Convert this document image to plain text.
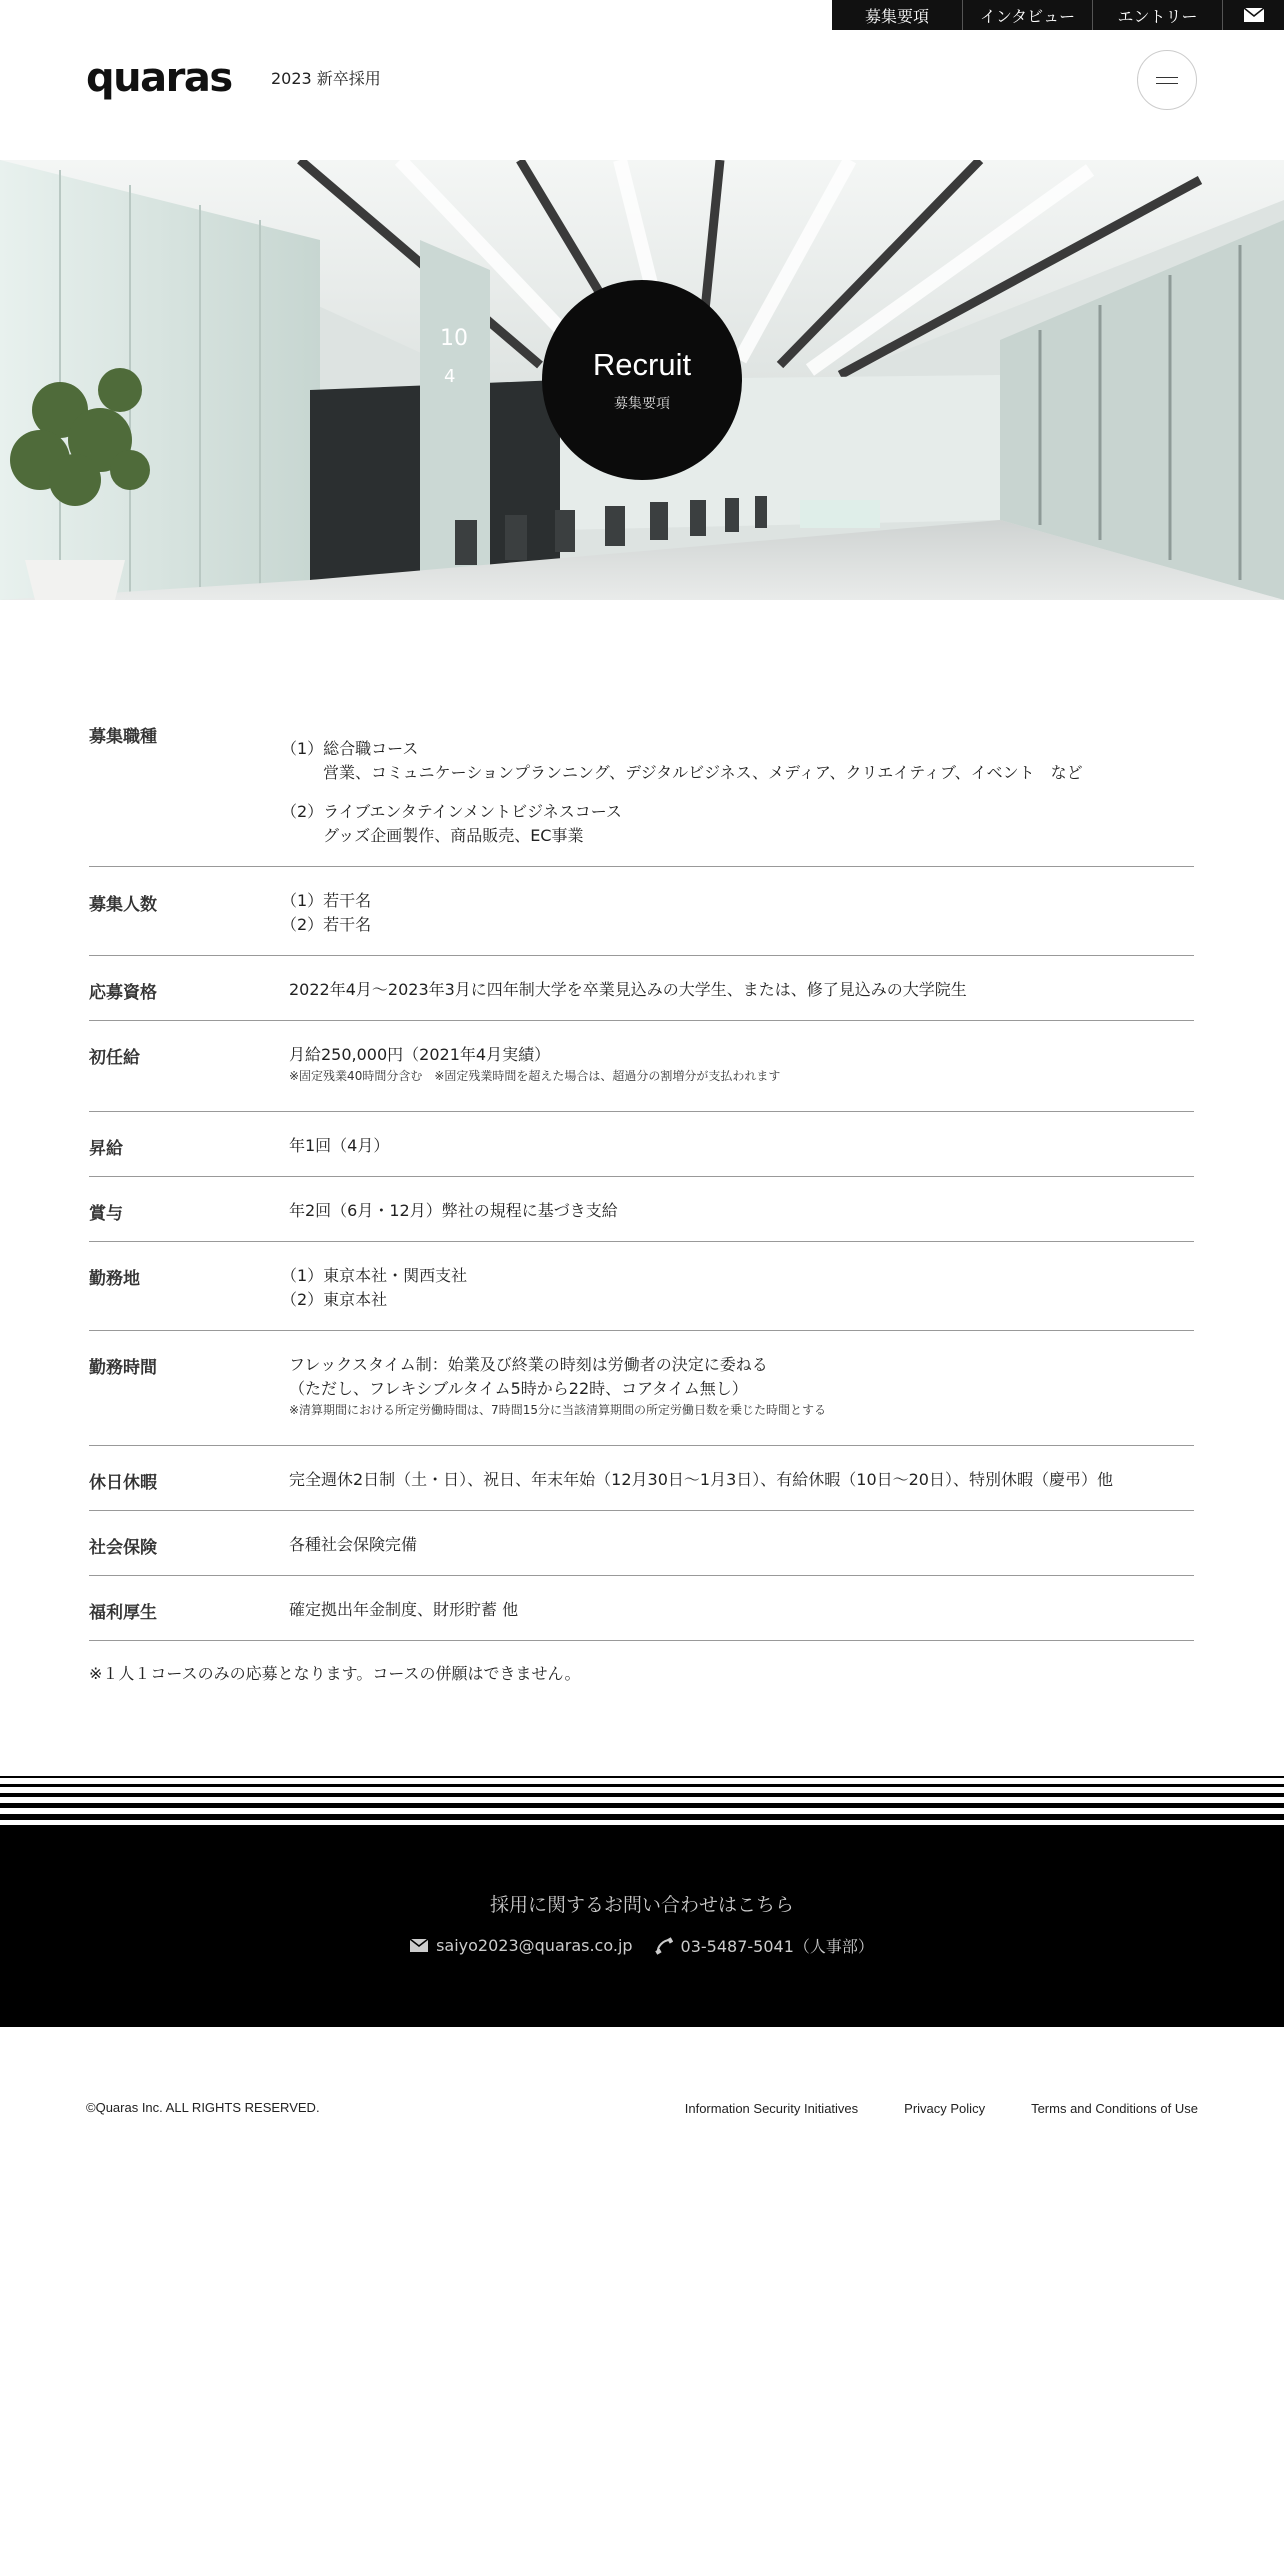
募集要項	インタビュー	エントリー
quaras 2023 新卒採用
10
4	Recruit
募集要項
募集職種
（1）総合職コース
営業、コミュニケーションプランニング、デジタルビジネス、メディア、クリエイティブ、イベント　など
（2）ライブエンタテインメントビジネスコース
グッズ企画製作、商品販売、EC事業
募集人数	（1）若干名
（2）若干名
応募資格	2022年4月～2023年3月に四年制大学を卒業見込みの大学生、または、修了見込みの大学院生
初任給	月給250,000円（2021年4月実績）
※固定残業40時間分含む　※固定残業時間を超えた場合は、超過分の割増分が支払われます
昇給	年1回（4月）
賞与	年2回（6月・12月）弊社の規程に基づき支給
勤務地	（1）東京本社・関西支社
（2）東京本社
勤務時間	フレックスタイム制：始業及び終業の時刻は労働者の決定に委ねる
（ただし、フレキシブルタイム5時から22時、コアタイム無し）
※清算期間における所定労働時間は、7時間15分に当該清算期間の所定労働日数を乗じた時間とする
休日休暇	完全週休2日制（土・日）、祝日、年末年始（12月30日～1月3日）、有給休暇（10日～20日）、特別休暇（慶弔）他
社会保険	各種社会保険完備
福利厚生	確定拠出年金制度、財形貯蓄 他
※１人１コースのみの応募となります。コースの併願はできません。
採用に関するお問い合わせはこちら
saiyo2023@quaras.co.jp	03-5487-5041（人事部）
©Quaras Inc. ALL RIGHTS RESERVED.	Information Security Initiatives	Privacy Policy	Terms and Conditions of Use
